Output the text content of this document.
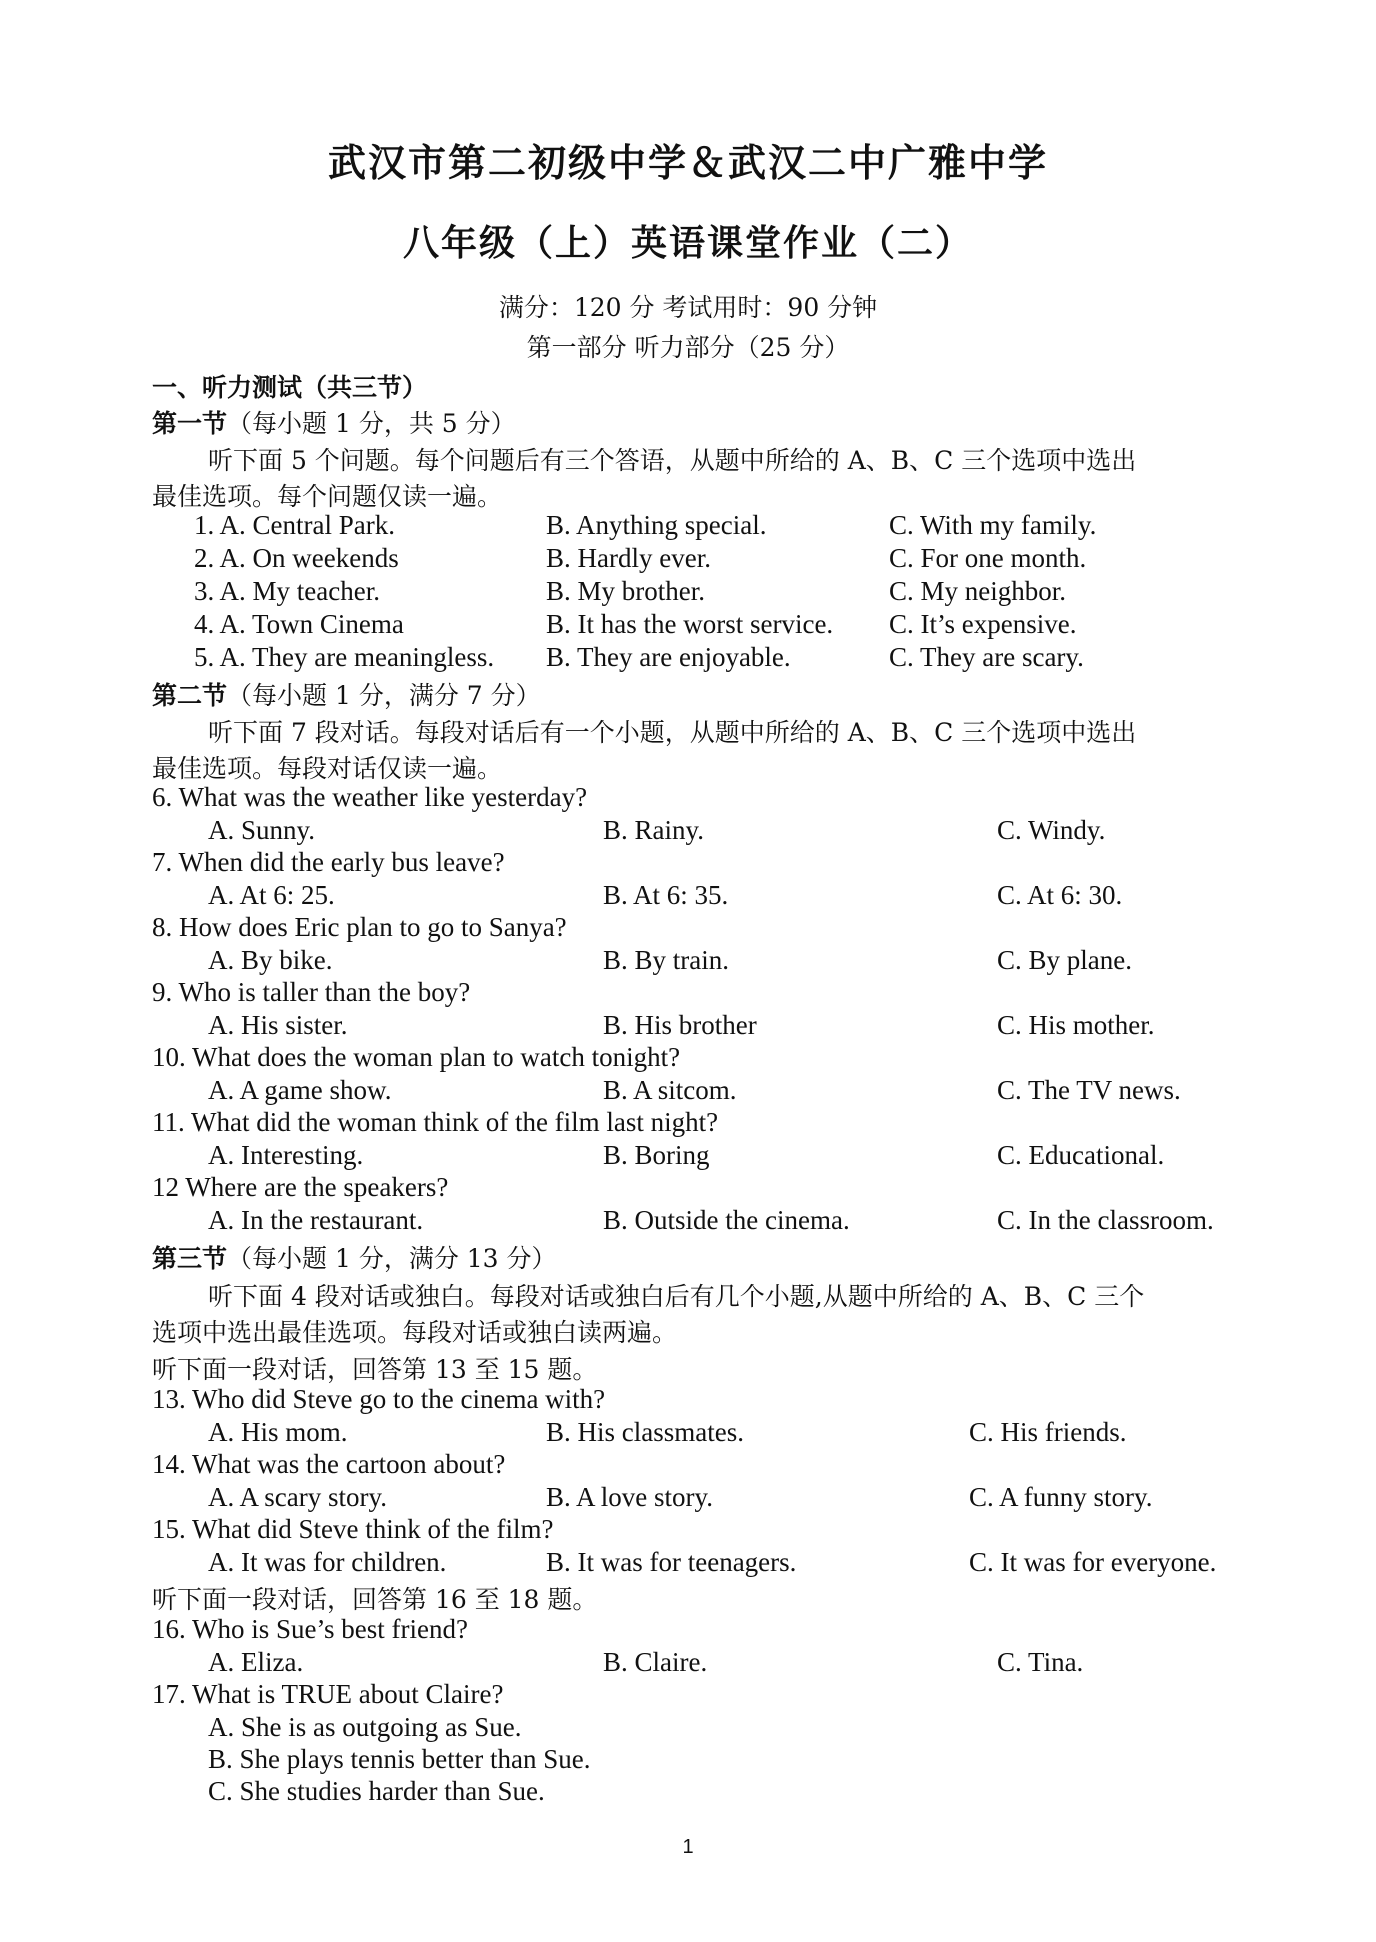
武汉市第二初级中学＆武汉二中广雅中学
八年级（上）英语课堂作业（二）
满分：120 分 考试用时：90 分钟
第一部分 听力部分（25 分）
一、听力测试（共三节）
第一节（每小题 1 分，共 5 分）
听下面 5 个问题。每个问题后有三个答语，从题中所给的 A、B、C 三个选项中选出
最佳选项。每个问题仅读一遍。
1. A. Central Park.	B. Anything special.	C. With my family.
2. A. On weekends	B. Hardly ever.	C. For one month.
3. A. My teacher.	B. My brother.	C. My neighbor.
4. A. Town Cinema	B. It has the worst service. C. It’s expensive.
5. A. They are meaningless. B. They are enjoyable.	C. They are scary.
第二节（每小题 1 分，满分 7 分）
听下面 7 段对话。每段对话后有一个小题，从题中所给的 A、B、C 三个选项中选出
最佳选项。每段对话仅读一遍。
6. What was the weather like yesterday?
A. Sunny.	B. Rainy.	C. Windy.
7. When did the early bus leave?
A. At 6: 25.	B. At 6: 35.	C. At 6: 30.
8. How does Eric plan to go to Sanya?
A. By bike.	B. By train.	C. By plane.
9. Who is taller than the boy?
A. His sister.	B. His brother	C. His mother.
10. What does the woman plan to watch tonight?
A. A game show.	B. A sitcom.	C. The TV news.
11. What did the woman think of the film last night?
A. Interesting.	B. Boring	C. Educational.
12 Where are the speakers?
A. In the restaurant.	B. Outside the cinema.	C. In the classroom.
第三节（每小题 1 分，满分 13 分）
听下面 4 段对话或独白。每段对话或独白后有几个小题,从题中所给的 A、B、C 三个
选项中选出最佳选项。每段对话或独白读两遍。
听下面一段对话，回答第 13 至 15 题。
13. Who did Steve go to the cinema with?
A. His mom.	B. His classmates.	C. His friends.
14. What was the cartoon about?
A. A scary story.	B. A love story.	C. A funny story.
15. What did Steve think of the film?
A. It was for children.	B. It was for teenagers.	C. It was for everyone.
听下面一段对话，回答第 16 至 18 题。
16. Who is Sue’s best friend?
A. Eliza.	B. Claire.	C. Tina.
17. What is TRUE about Claire?
A. She is as outgoing as Sue.
B. She plays tennis better than Sue.
C. She studies harder than Sue.
1
